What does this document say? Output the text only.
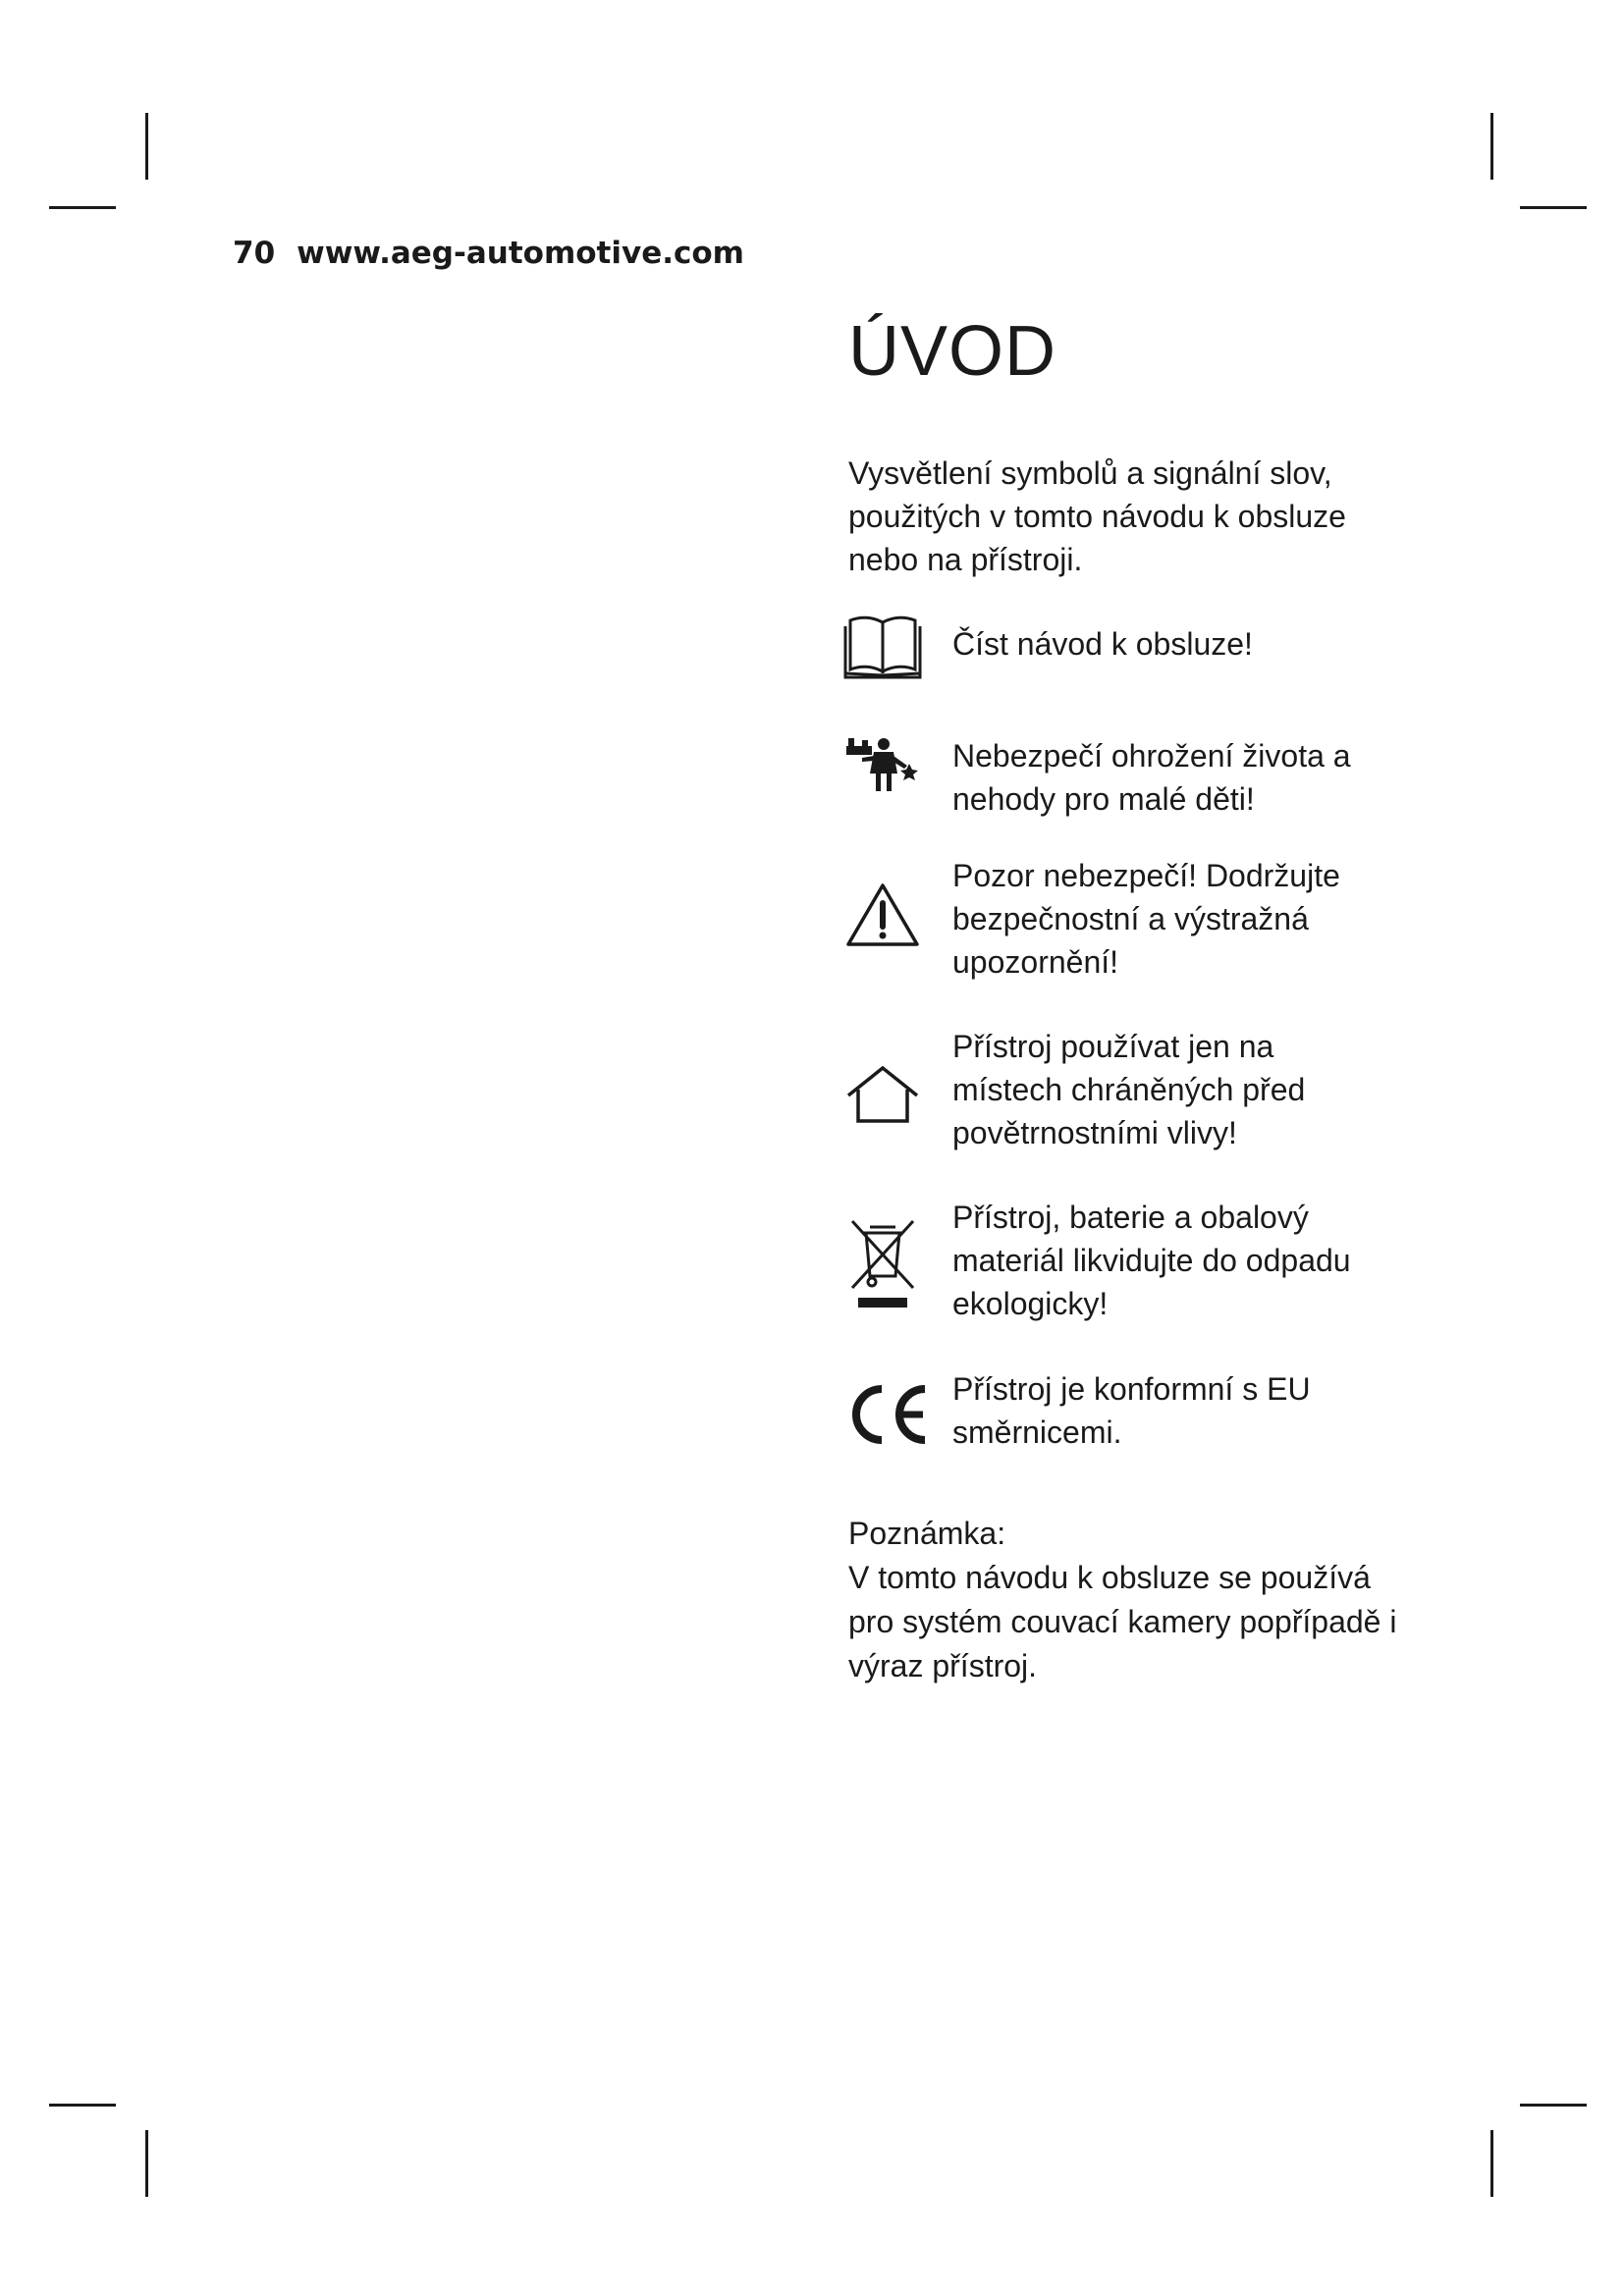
70 www.aeg-automotive.com
ÚVOD

Vysvětlení symbolů a signální slov, použitých v tomto návodu k obsluze nebo na přístroji.

Číst návod k obsluze!

Nebezpečí ohrožení života a nehody pro malé děti!

Pozor nebezpečí! Dodržujte bezpečnostní a výstražná upozornění!

Přístroj používat jen na místech chráněných před povětrnostními vlivy!

Přístroj, baterie a obalový materiál likvidujte do odpadu ekologicky!

Přístroj je konformní s EU směrnicemi.

Poznámka:
V tomto návodu k obsluze se používá pro systém couvací kamery popřípadě i výraz přístroj.
